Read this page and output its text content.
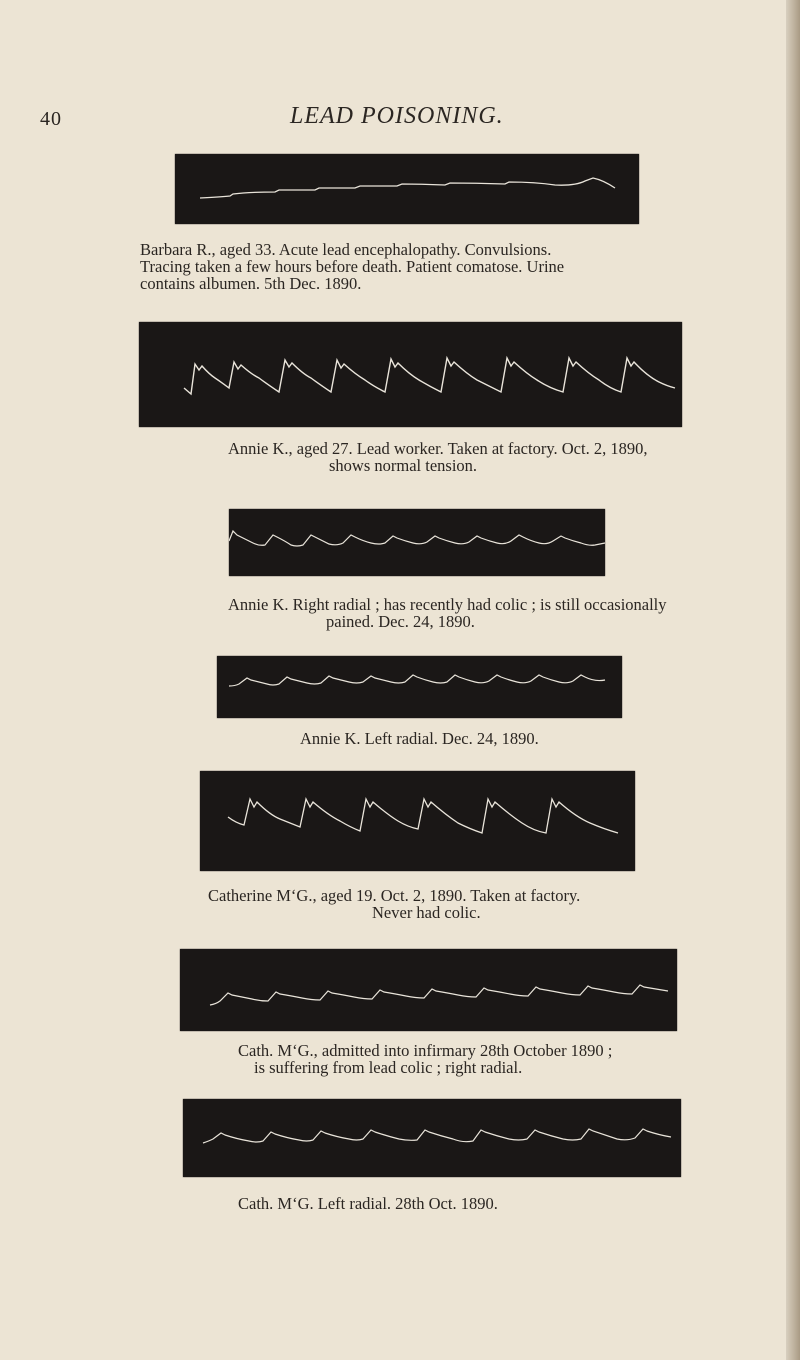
40	LEAD POISONING.
Barbara R., aged 33. Acute lead encephalopathy. Convulsions.
Tracing taken a few hours before death. Patient comatose. Urine
contains albumen. 5th Dec. 1890.
Annie K., aged 27. Lead worker. Taken at factory. Oct. 2, 1890,
shows normal tension.
Annie K. Right radial ; has recently had colic ; is still occasionally
pained. Dec. 24, 1890.
Annie K. Left radial. Dec. 24, 1890.
Catherine M‘G., aged 19. Oct. 2, 1890. Taken at factory.
Never had colic.
Cath. M‘G., admitted into infirmary 28th October 1890 ;
is suffering from lead colic ; right radial.
Cath. M‘G. Left radial. 28th Oct. 1890.
